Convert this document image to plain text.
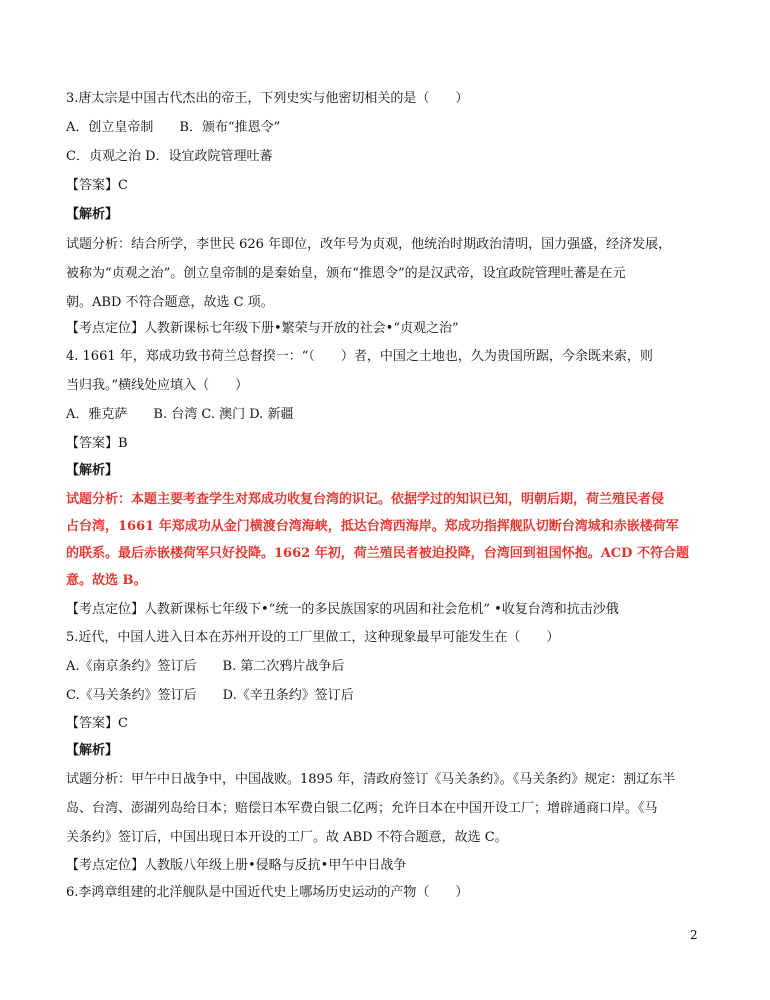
3.唐太宗是中国古代杰出的帝王，下列史实与他密切相关的是（　　）
A．创立皇帝制　　B．颁布“推恩令”
C．贞观之治 D．设宜政院管理吐蕃
【答案】C
【解析】
试题分析：结合所学，李世民 626 年即位，改年号为贞观，他统治时期政治清明，国力强盛，经济发展，
被称为“贞观之治”。创立皇帝制的是秦始皇，颁布“推恩令”的是汉武帝，设宜政院管理吐蕃是在元
朝。ABD 不符合题意，故选 C 项。
【考点定位】人教新课标七年级下册•繁荣与开放的社会•“贞观之治”
4. 1661 年，郑成功致书荷兰总督揆一：“（　　）者，中国之土地也，久为贵国所踞，今余既来索，则
当归我。”横线处应填入（　　）
A．雅克萨　　B. 台湾 C. 澳门 D. 新疆
【答案】B
【解析】
试题分析：本题主要考查学生对郑成功收复台湾的识记。依据学过的知识已知，明朝后期，荷兰殖民者侵
占台湾，1661 年郑成功从金门横渡台湾海峡，抵达台湾西海岸。郑成功指挥舰队切断台湾城和赤嵌楼荷军
的联系。最后赤嵌楼荷军只好投降。1662 年初，荷兰殖民者被迫投降，台湾回到祖国怀抱。ACD 不符合题
意。故选 B。
【考点定位】人教新课标七年级下•“统一的多民族国家的巩固和社会危机” •收复台湾和抗击沙俄
5.近代，中国人进入日本在苏州开设的工厂里做工，这种现象最早可能发生在（　　）
A.《南京条约》签订后　　B. 第二次鸦片战争后
C.《马关条约》签订后　　D.《辛丑条约》签订后
【答案】C
【解析】
试题分析：甲午中日战争中，中国战败。1895 年，清政府签订《马关条约》。《马关条约》规定：割辽东半
岛、台湾、澎湖列岛给日本；赔偿日本军费白银二亿两；允许日本在中国开设工厂；增辟通商口岸。《马
关条约》签订后，中国出现日本开设的工厂。故 ABD 不符合题意，故选 C。
【考点定位】人教版八年级上册•侵略与反抗•甲午中日战争
6.李鸿章组建的北洋舰队是中国近代史上哪场历史运动的产物（　　）
2
